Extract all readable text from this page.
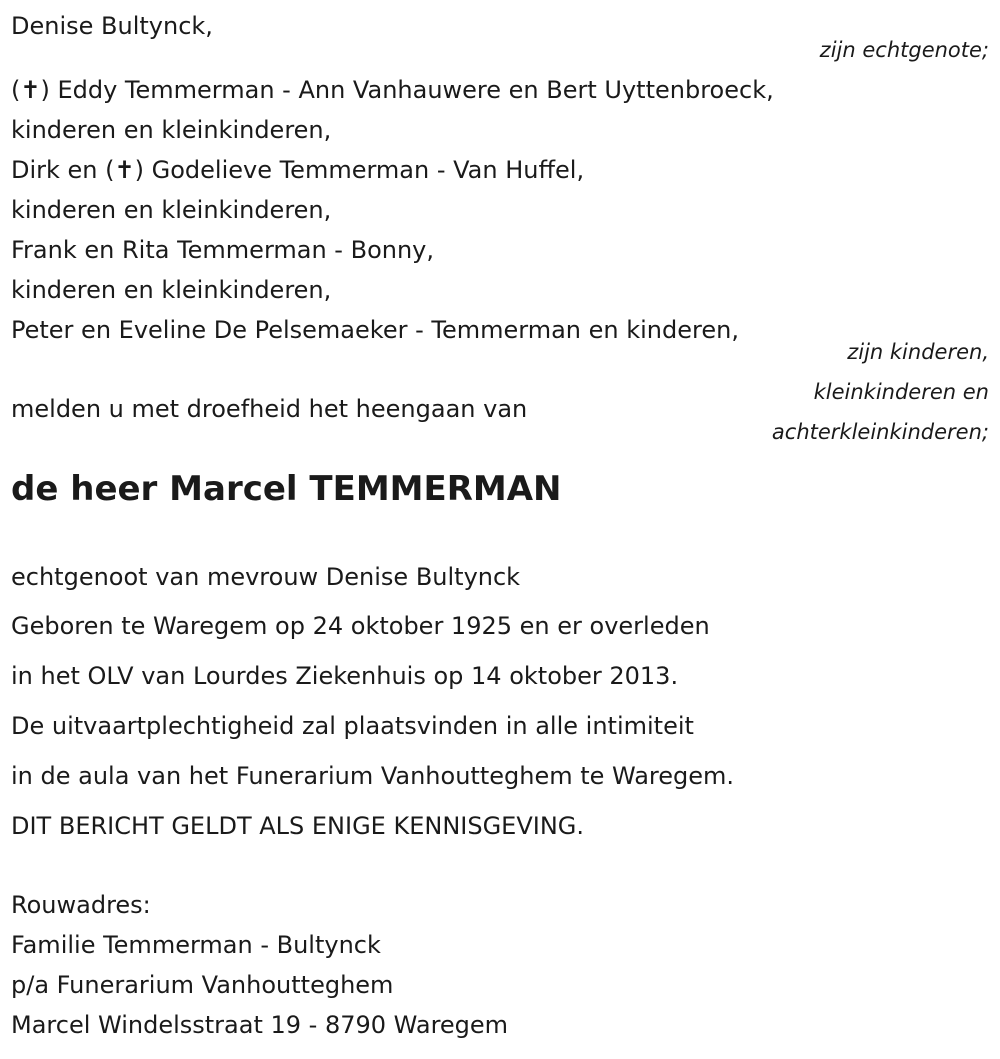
Denise Bultynck,
zijn echtgenote;
(✝) Eddy Temmerman - Ann Vanhauwere en Bert Uyttenbroeck,
kinderen en kleinkinderen,
Dirk en (✝) Godelieve Temmerman - Van Huffel,
kinderen en kleinkinderen,
Frank en Rita Temmerman - Bonny,
kinderen en kleinkinderen,
Peter en Eveline De Pelsemaeker - Temmerman en kinderen,
zijn kinderen,
kleinkinderen en
achterkleinkinderen;
melden u met droefheid het heengaan van
de heer Marcel TEMMERMAN
echtgenoot van mevrouw Denise Bultynck
Geboren te Waregem op 24 oktober 1925 en er overleden
in het OLV van Lourdes Ziekenhuis op 14 oktober 2013.
De uitvaartplechtigheid zal plaatsvinden in alle intimiteit
in de aula van het Funerarium Vanhoutteghem te Waregem.
DIT BERICHT GELDT ALS ENIGE KENNISGEVING.
Rouwadres:
Familie Temmerman - Bultynck
p/a Funerarium Vanhoutteghem
Marcel Windelsstraat 19 - 8790 Waregem
